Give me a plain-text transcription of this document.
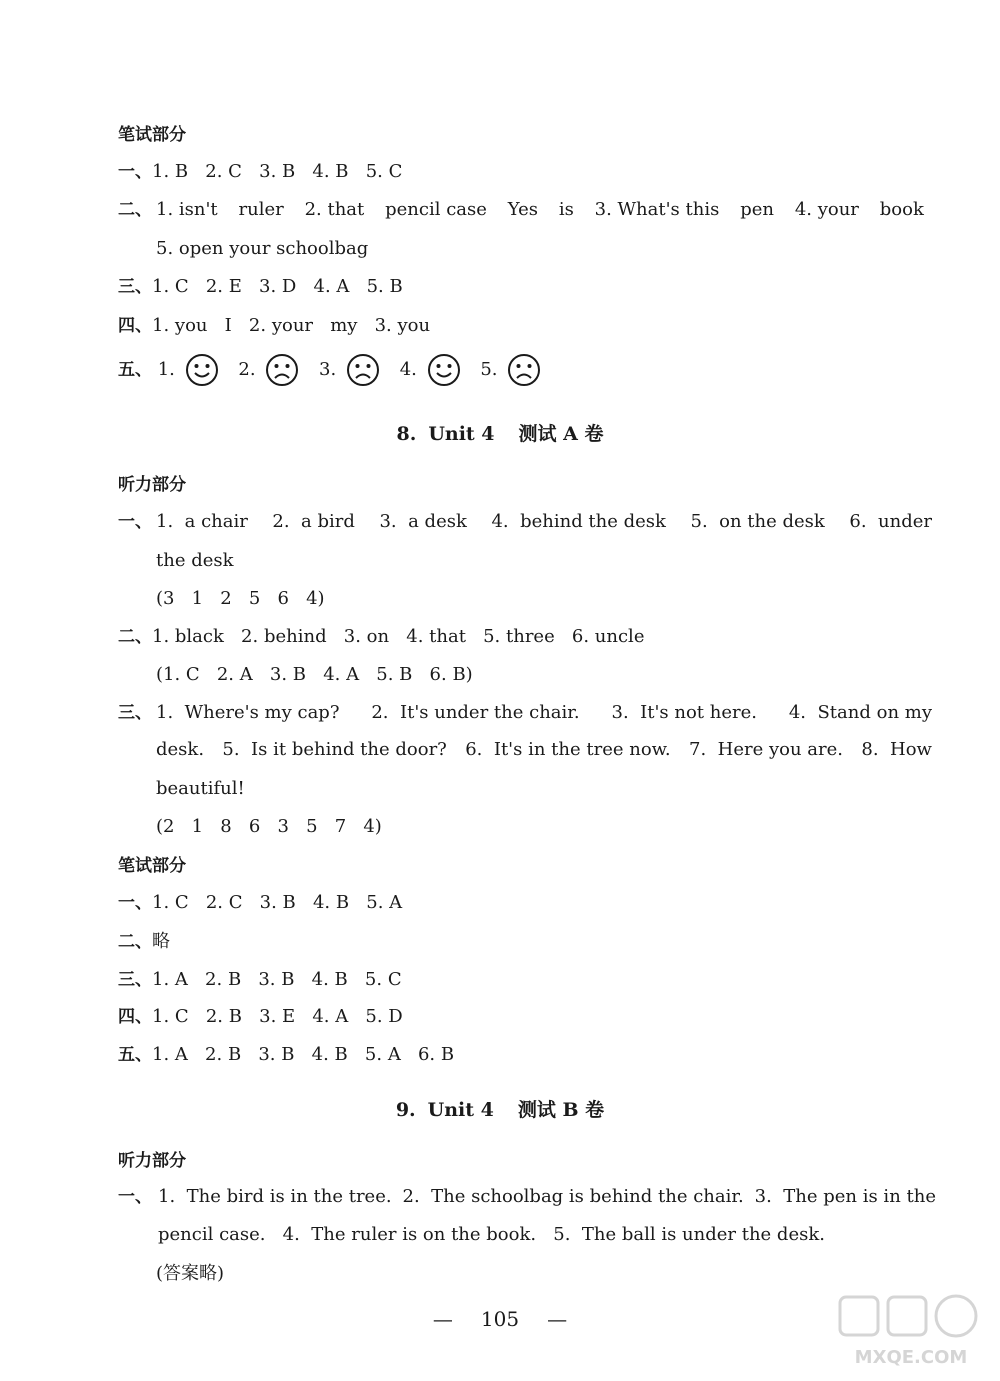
笔试部分
一、1. B   2. C   3. B   4. B   5. C
二、 1. isn't ruler 2. that pencil case Yes is 3. What's this pen 4. your book
5. open your schoolbag
三、1. C   2. E   3. D   4. A   5. B
四、1. you   I   2. your   my   3. you
五、 1.	2.	3.	4.	5.
8. Unit 4 测试 A 卷
听力部分
一、 1.  a chair 2.  a bird 3.  a desk 4.  behind the desk 5.  on the desk 6.  under
the desk
(3   1   2   5   6   4)
二、1. black   2. behind   3. on   4. that   5. three   6. uncle
(1. C   2. A   3. B   4. A   5. B   6. B)
三、 1.  Where's my cap? 2.  It's under the chair. 3.  It's not here. 4.  Stand on my
desk. 5.  Is it behind the door? 6.  It's in the tree now. 7.  Here you are. 8.  How
beautiful!
(2   1   8   6   3   5   7   4)
笔试部分
一、1. C   2. C   3. B   4. B   5. A
二、略
三、1. A   2. B   3. B   4. B   5. C
四、1. C   2. B   3. E   4. A   5. D
五、1. A   2. B   3. B   4. B   5. A   6. B
9. Unit 4 测试 B 卷
听力部分
一、 1.  The bird is in the tree. 2.  The schoolbag is behind the chair. 3.  The pen is in the
pencil case.   4.  The ruler is on the book.   5.  The ball is under the desk.
(答案略)
— 105 —
MXQE.COM
